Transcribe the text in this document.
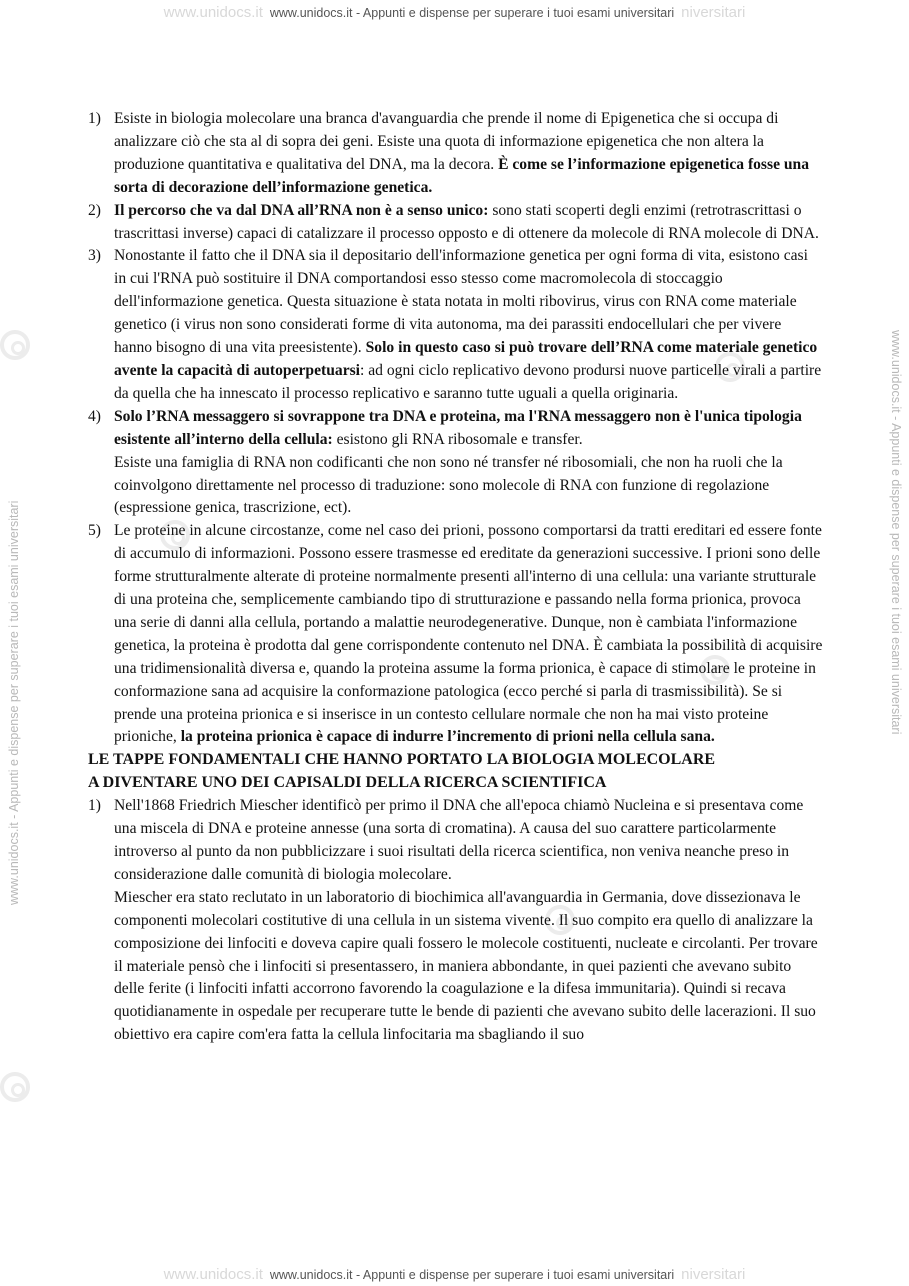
www.unidocs.it www.unidocs.it - Appunti e dispense per superare i tuoi esami universitari niversitari
www.unidocs.it www.unidocs.it - Appunti e dispense per superare i tuoi esami universitari niversitari
www.unidocs.it - Appunti e dispense per superare i tuoi esami universitari	www.unidocs.it - Appunti e dispense per superare i tuoi esami universitari
1) Esiste in biologia molecolare una branca d'avanguardia che prende il nome di Epigenetica che si occupa di analizzare ciò che sta al di sopra dei geni. Esiste una quota di informazione epigenetica che non altera la produzione quantitativa e qualitativa del DNA, ma la decora. È come se l’informazione epigenetica fosse una sorta di decorazione dell’informazione genetica.
2) Il percorso che va dal DNA all’RNA non è a senso unico: sono stati scoperti degli enzimi (retrotrascrittasi o trascrittasi inverse) capaci di catalizzare il processo opposto e di ottenere da molecole di RNA molecole di DNA.
3) Nonostante il fatto che il DNA sia il depositario dell'informazione genetica per ogni forma di vita, esistono casi in cui l'RNA può sostituire il DNA comportandosi esso stesso come macromolecola di stoccaggio dell'informazione genetica. Questa situazione è stata notata in molti ribovirus, virus con RNA come materiale genetico (i virus non sono considerati forme di vita autonoma, ma dei parassiti endocellulari che per vivere hanno bisogno di una vita preesistente). Solo in questo caso si può trovare dell’RNA come materiale genetico avente la capacità di autoperpetuarsi: ad ogni ciclo replicativo devono prodursi nuove particelle virali a partire da quella che ha innescato il processo replicativo e saranno tutte uguali a quella originaria.
4) Solo l’RNA messaggero si sovrappone tra DNA e proteina, ma l'RNA messaggero non è l'unica tipologia esistente all’interno della cellula: esistono gli RNA ribosomale e transfer.
Esiste una famiglia di RNA non codificanti che non sono né transfer né ribosomiali, che non ha ruoli che la coinvolgono direttamente nel processo di traduzione: sono molecole di RNA con funzione di regolazione (espressione genica, trascrizione, ect).
5) Le proteine in alcune circostanze, come nel caso dei prioni, possono comportarsi da tratti ereditari ed essere fonte di accumulo di informazioni. Possono essere trasmesse ed ereditate da generazioni successive. I prioni sono delle forme strutturalmente alterate di proteine normalmente presenti all'interno di una cellula: una variante strutturale di una proteina che, semplicemente cambiando tipo di strutturazione e passando nella forma prionica, provoca una serie di danni alla cellula, portando a malattie neurodegenerative. Dunque, non è cambiata l'informazione genetica, la proteina è prodotta dal gene corrispondente contenuto nel DNA. È cambiata la possibilità di acquisire una tridimensionalità diversa e, quando la proteina assume la forma prionica, è capace di stimolare le proteine in conformazione sana ad acquisire la conformazione patologica (ecco perché si parla di trasmissibilità). Se si prende una proteina prionica e si inserisce in un contesto cellulare normale che non ha mai visto proteine prioniche, la proteina prionica è capace di indurre l’incremento di prioni nella cellula sana.
LE TAPPE FONDAMENTALI CHE HANNO PORTATO LA BIOLOGIA MOLECOLARE
A DIVENTARE UNO DEI CAPISALDI DELLA RICERCA SCIENTIFICA
1) Nell'1868 Friedrich Miescher identificò per primo il DNA che all'epoca chiamò Nucleina e si presentava come una miscela di DNA e proteine annesse (una sorta di cromatina). A causa del suo carattere particolarmente introverso al punto da non pubblicizzare i suoi risultati della ricerca scientifica, non veniva neanche preso in considerazione dalle comunità di biologia molecolare.
Miescher era stato reclutato in un laboratorio di biochimica all'avanguardia in Germania, dove dissezionava le componenti molecolari costitutive di una cellula in un sistema vivente. Il suo compito era quello di analizzare la composizione dei linfociti e doveva capire quali fossero le molecole costituenti, nucleate e circolanti. Per trovare il materiale pensò che i linfociti si presentassero, in maniera abbondante, in quei pazienti che avevano subito delle ferite (i linfociti infatti accorrono favorendo la coagulazione e la difesa immunitaria). Quindi si recava quotidianamente in ospedale per recuperare tutte le bende di pazienti che avevano subito delle lacerazioni. Il suo obiettivo era capire com'era fatta la cellula linfocitaria ma sbagliando il suo
